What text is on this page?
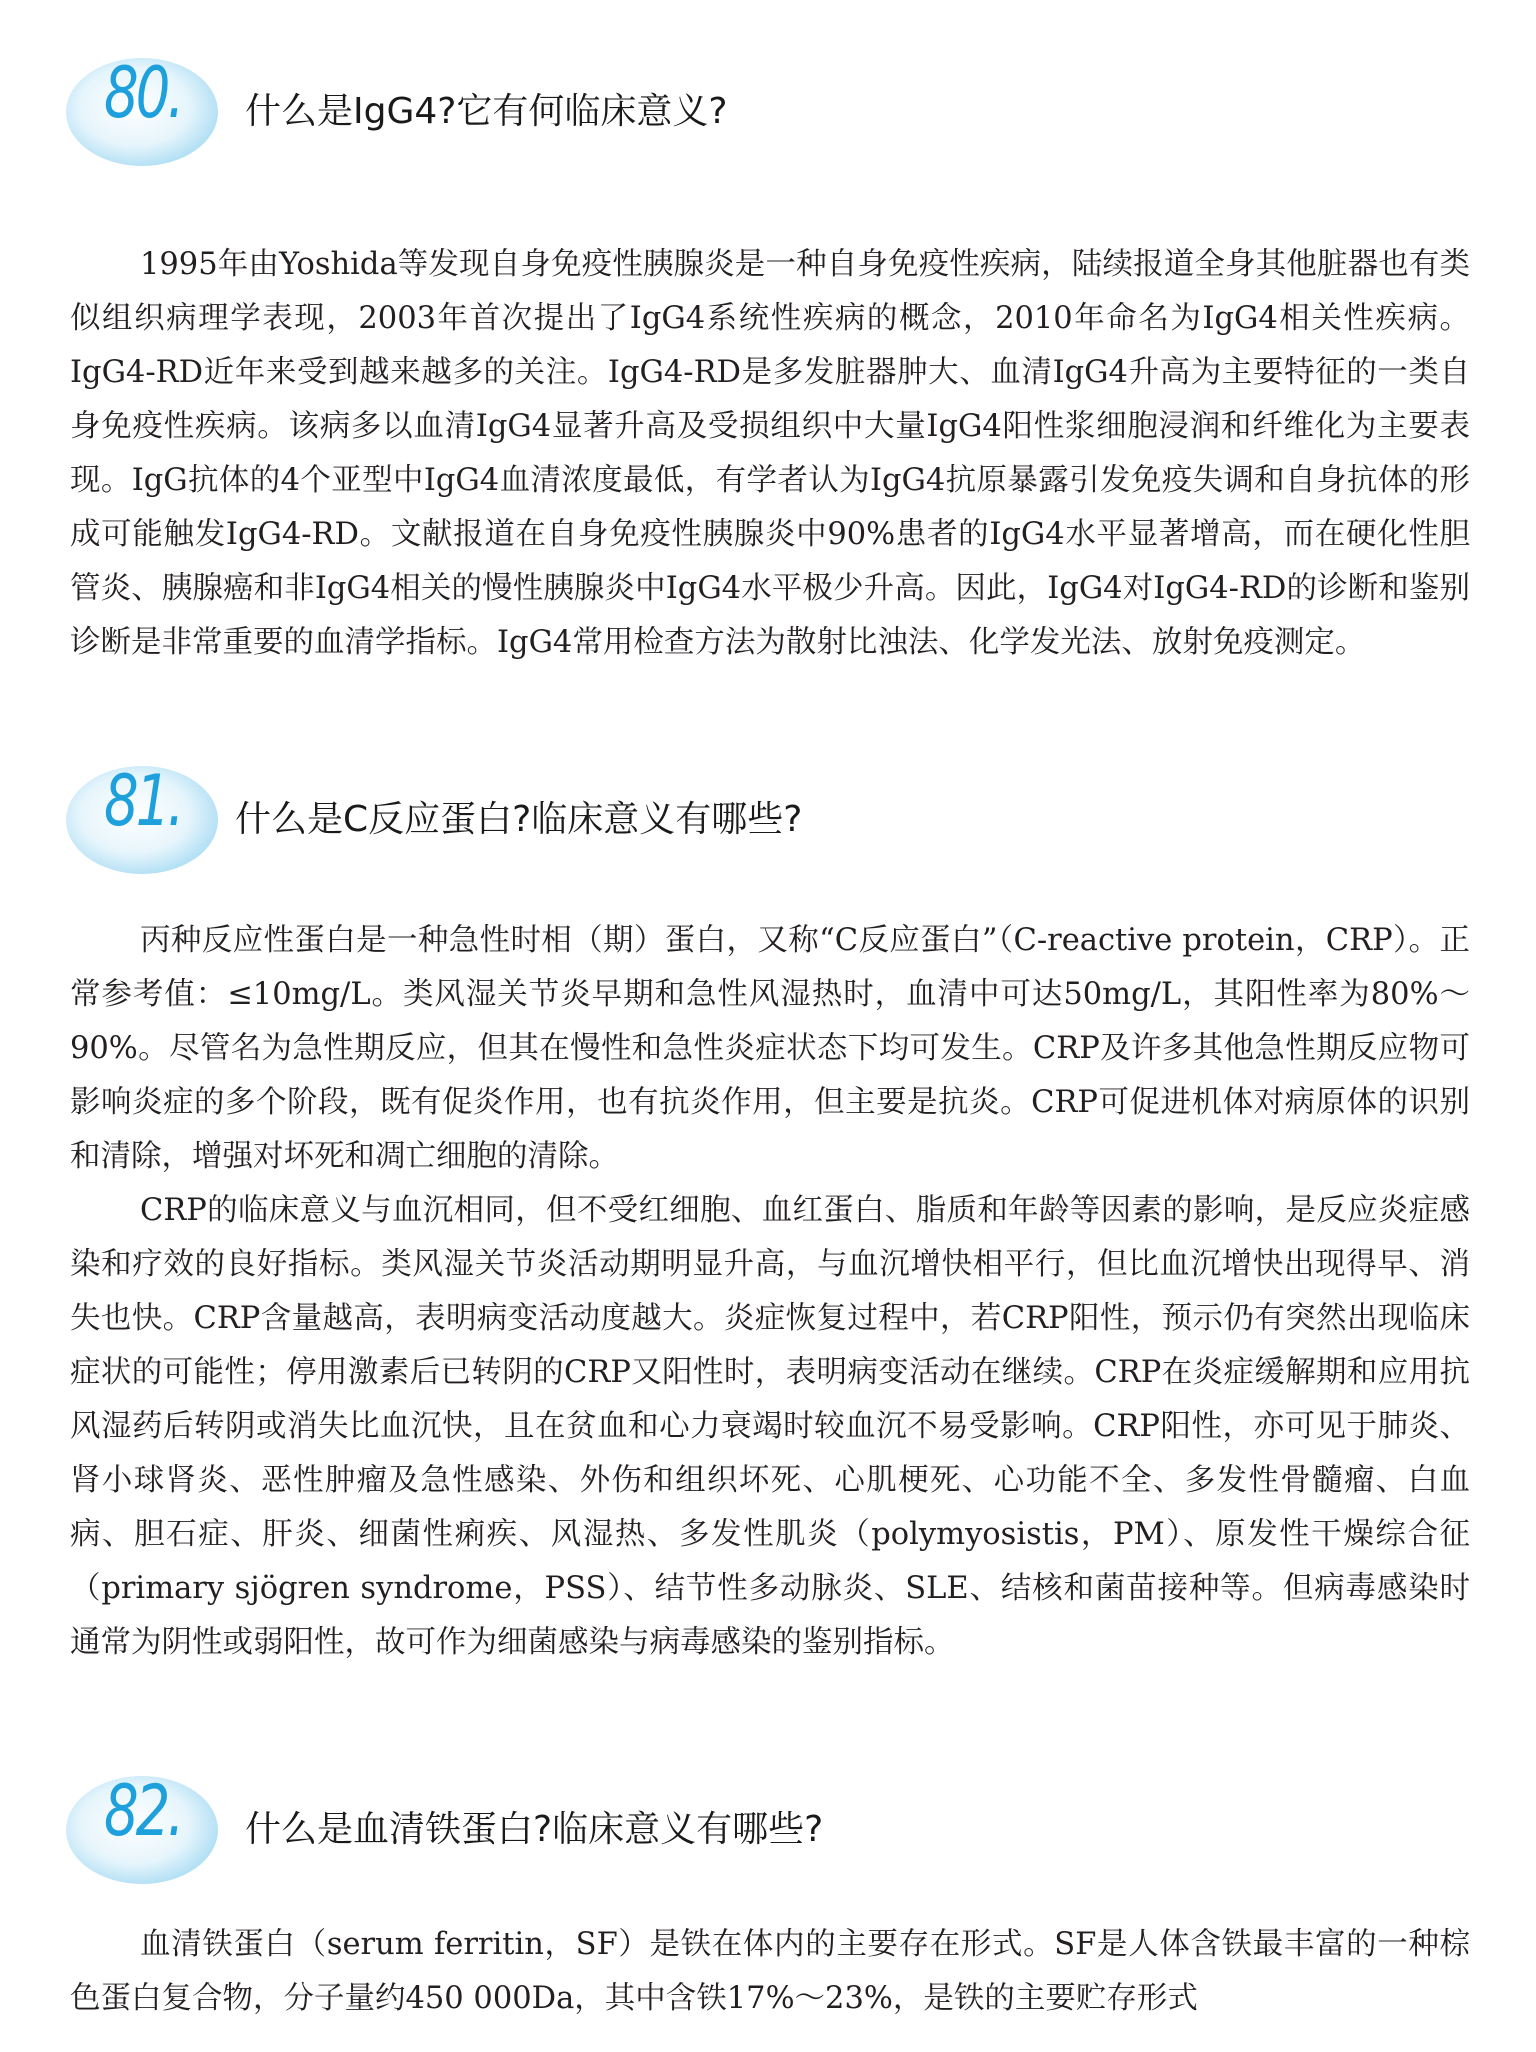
80. 什么是IgG4?它有何临床意义?

1995年由Yoshida等发现自身免疫性胰腺炎是一种自身免疫性疾病，陆续报道全身其他脏器也有类似组织病理学表现，2003年首次提出了IgG4系统性疾病的概念，2010年命名为IgG4相关性疾病。IgG4-RD近年来受到越来越多的关注。IgG4-RD是多发脏器肿大、血清IgG4升高为主要特征的一类自身免疫性疾病。该病多以血清IgG4显著升高及受损组织中大量IgG4阳性浆细胞浸润和纤维化为主要表现。IgG抗体的4个亚型中IgG4血清浓度最低，有学者认为IgG4抗原暴露引发免疫失调和自身抗体的形成可能触发IgG4-RD。文献报道在自身免疫性胰腺炎中90%患者的IgG4水平显著增高，而在硬化性胆管炎、胰腺癌和非IgG4相关的慢性胰腺炎中IgG4水平极少升高。因此，IgG4对IgG4-RD的诊断和鉴别诊断是非常重要的血清学指标。IgG4常用检查方法为散射比浊法、化学发光法、放射免疫测定。

81. 什么是C反应蛋白?临床意义有哪些?

丙种反应性蛋白是一种急性时相（期）蛋白，又称“C反应蛋白”（C-reactive protein，CRP）。正常参考值：≤10mg/L。类风湿关节炎早期和急性风湿热时，血清中可达50mg/L，其阳性率为80%～90%。尽管名为急性期反应，但其在慢性和急性炎症状态下均可发生。CRP及许多其他急性期反应物可影响炎症的多个阶段，既有促炎作用，也有抗炎作用，但主要是抗炎。CRP可促进机体对病原体的识别和清除，增强对坏死和凋亡细胞的清除。

CRP的临床意义与血沉相同，但不受红细胞、血红蛋白、脂质和年龄等因素的影响，是反应炎症感染和疗效的良好指标。类风湿关节炎活动期明显升高，与血沉增快相平行，但比血沉增快出现得早、消失也快。CRP含量越高，表明病变活动度越大。炎症恢复过程中，若CRP阳性，预示仍有突然出现临床症状的可能性；停用激素后已转阴的CRP又阳性时，表明病变活动在继续。CRP在炎症缓解期和应用抗风湿药后转阴或消失比血沉快，且在贫血和心力衰竭时较血沉不易受影响。CRP阳性，亦可见于肺炎、肾小球肾炎、恶性肿瘤及急性感染、外伤和组织坏死、心肌梗死、心功能不全、多发性骨髓瘤、白血病、胆石症、肝炎、细菌性痢疾、风湿热、多发性肌炎（polymyosistis，PM）、原发性干燥综合征（primary sjögren syndrome，PSS）、结节性多动脉炎、SLE、结核和菌苗接种等。但病毒感染时通常为阴性或弱阳性，故可作为细菌感染与病毒感染的鉴别指标。

82. 什么是血清铁蛋白?临床意义有哪些?

血清铁蛋白（serum ferritin，SF）是铁在体内的主要存在形式。SF是人体含铁最丰富的一种棕色蛋白复合物，分子量约450 000Da，其中含铁17%～23%，是铁的主要贮存形式
